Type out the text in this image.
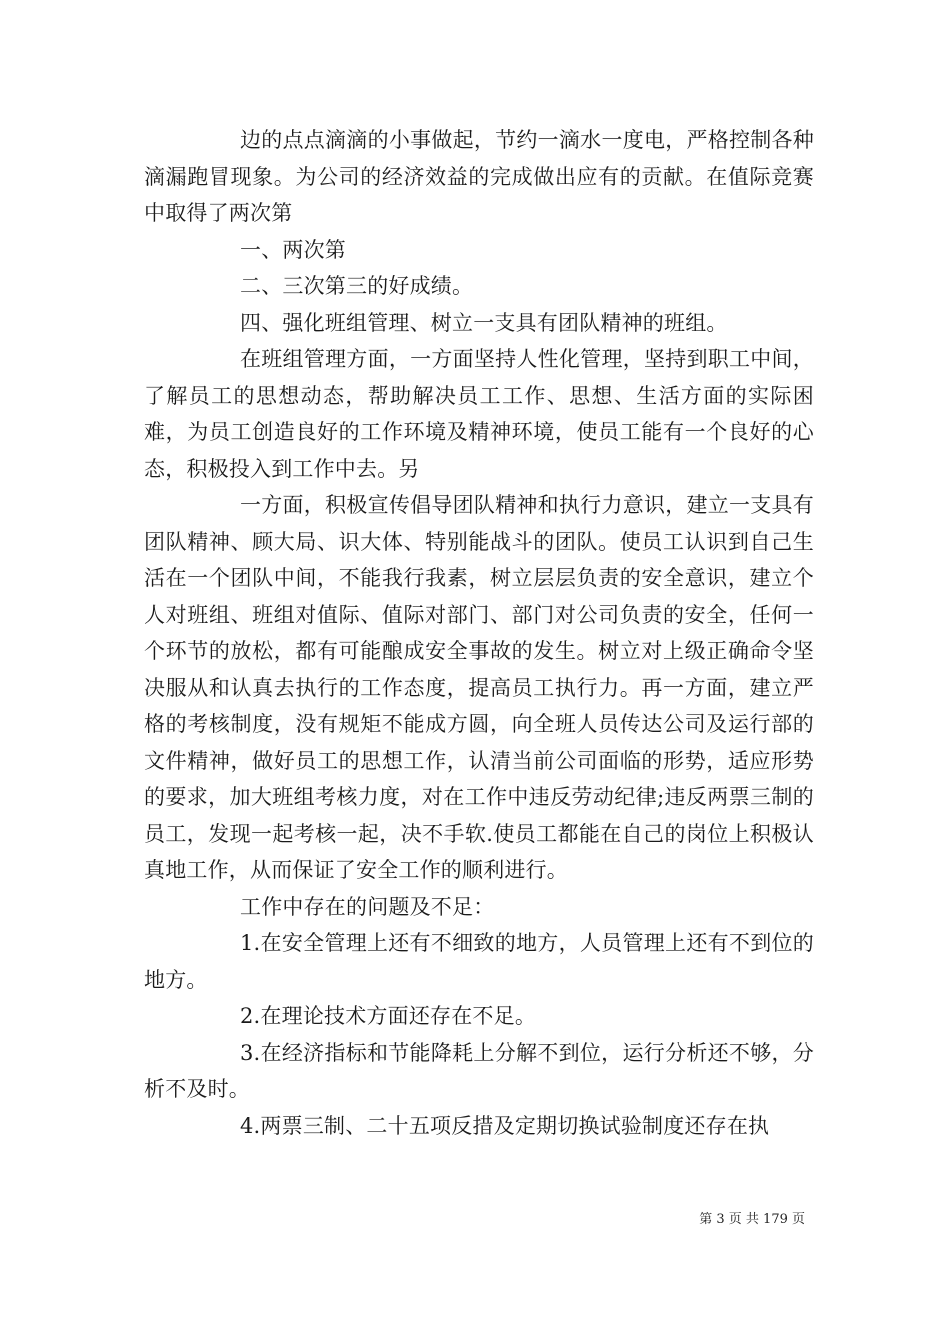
边的点点滴滴的小事做起，节约一滴水一度电，严格控制各种滴漏跑冒现象。为公司的经济效益的完成做出应有的贡献。在值际竞赛中取得了两次第

一、两次第

二、三次第三的好成绩。

四、强化班组管理、树立一支具有团队精神的班组。

在班组管理方面，一方面坚持人性化管理，坚持到职工中间，了解员工的思想动态，帮助解决员工工作、思想、生活方面的实际困难，为员工创造良好的工作环境及精神环境，使员工能有一个良好的心态，积极投入到工作中去。另

一方面，积极宣传倡导团队精神和执行力意识，建立一支具有团队精神、顾大局、识大体、特别能战斗的团队。使员工认识到自己生活在一个团队中间，不能我行我素，树立层层负责的安全意识，建立个人对班组、班组对值际、值际对部门、部门对公司负责的安全，任何一个环节的放松，都有可能酿成安全事故的发生。树立对上级正确命令坚决服从和认真去执行的工作态度，提高员工执行力。再一方面，建立严格的考核制度，没有规矩不能成方圆，向全班人员传达公司及运行部的文件精神，做好员工的思想工作，认清当前公司面临的形势，适应形势的要求，加大班组考核力度，对在工作中违反劳动纪律;违反两票三制的员工，发现一起考核一起，决不手软.使员工都能在自己的岗位上积极认真地工作，从而保证了安全工作的顺利进行。

工作中存在的问题及不足：

1.在安全管理上还有不细致的地方，人员管理上还有不到位的地方。

2.在理论技术方面还存在不足。

3.在经济指标和节能降耗上分解不到位，运行分析还不够，分析不及时。

4.两票三制、二十五项反措及定期切换试验制度还存在执

第 3 页 共 179 页
